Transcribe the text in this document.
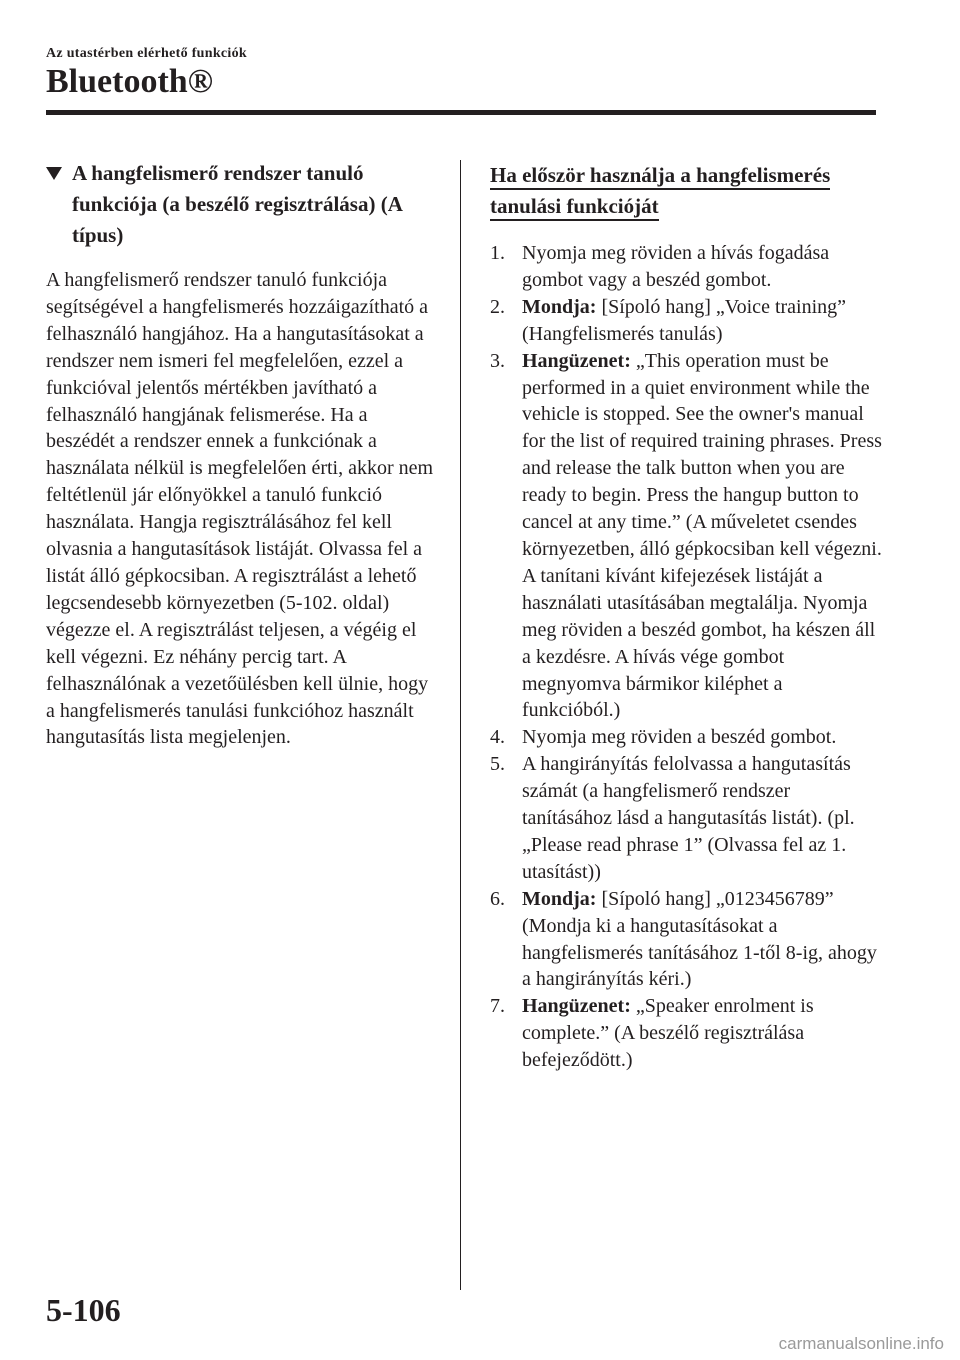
Az utastérben elérhető funkciók
Bluetooth®
A hangfelismerő rendszer tanuló funkciója (a beszélő regisztrálása) (A típus)

A hangfelismerő rendszer tanuló funkciója segítségével a hangfelismerés hozzáigazítható a felhasználó hangjához. Ha a hangutasításokat a rendszer nem ismeri fel megfelelően, ezzel a funkcióval jelentős mértékben javítható a felhasználó hangjának felismerése. Ha a beszédét a rendszer ennek a funkciónak a használata nélkül is megfelelően érti, akkor nem feltétlenül jár előnyökkel a tanuló funkció használata. Hangja regisztrálásához fel kell olvasnia a hangutasítások listáját. Olvassa fel a listát álló gépkocsiban. A regisztrálást a lehető legcsendesebb környezetben (5-102. oldal) végezze el. A regisztrálást teljesen, a végéig el kell végezni. Ez néhány percig tart. A felhasználónak a vezetőülésben kell ülnie, hogy a hangfelismerés tanulási funkcióhoz használt hangutasítás lista megjelenjen.

Ha először használja a hangfelismerés
tanulási funkcióját
1. Nyomja meg röviden a hívás fogadása gombot vagy a beszéd gombot.
2. Mondja: [Sípoló hang] „Voice training” (Hangfelismerés tanulás)
3. Hangüzenet: „This operation must be performed in a quiet environment while the vehicle is stopped. See the owner's manual for the list of required training phrases. Press and release the talk button when you are ready to begin. Press the hangup button to cancel at any time.” (A műveletet csendes környezetben, álló gépkocsiban kell végezni. A tanítani kívánt kifejezések listáját a használati utasításában megtalálja. Nyomja meg röviden a beszéd gombot, ha készen áll a kezdésre. A hívás vége gombot megnyomva bármikor kiléphet a funkcióból.)
4. Nyomja meg röviden a beszéd gombot.
5. A hangirányítás felolvassa a hangutasítás számát (a hangfelismerő rendszer tanításához lásd a hangutasítás listát). (pl. „Please read phrase 1” (Olvassa fel az 1. utasítást))
6. Mondja: [Sípoló hang] „0123456789” (Mondja ki a hangutasításokat a hangfelismerés tanításához 1-től 8-ig, ahogy a hangirányítás kéri.)
7. Hangüzenet: „Speaker enrolment is complete.” (A beszélő regisztrálása befejeződött.)
5-106
carmanualsonline.info
